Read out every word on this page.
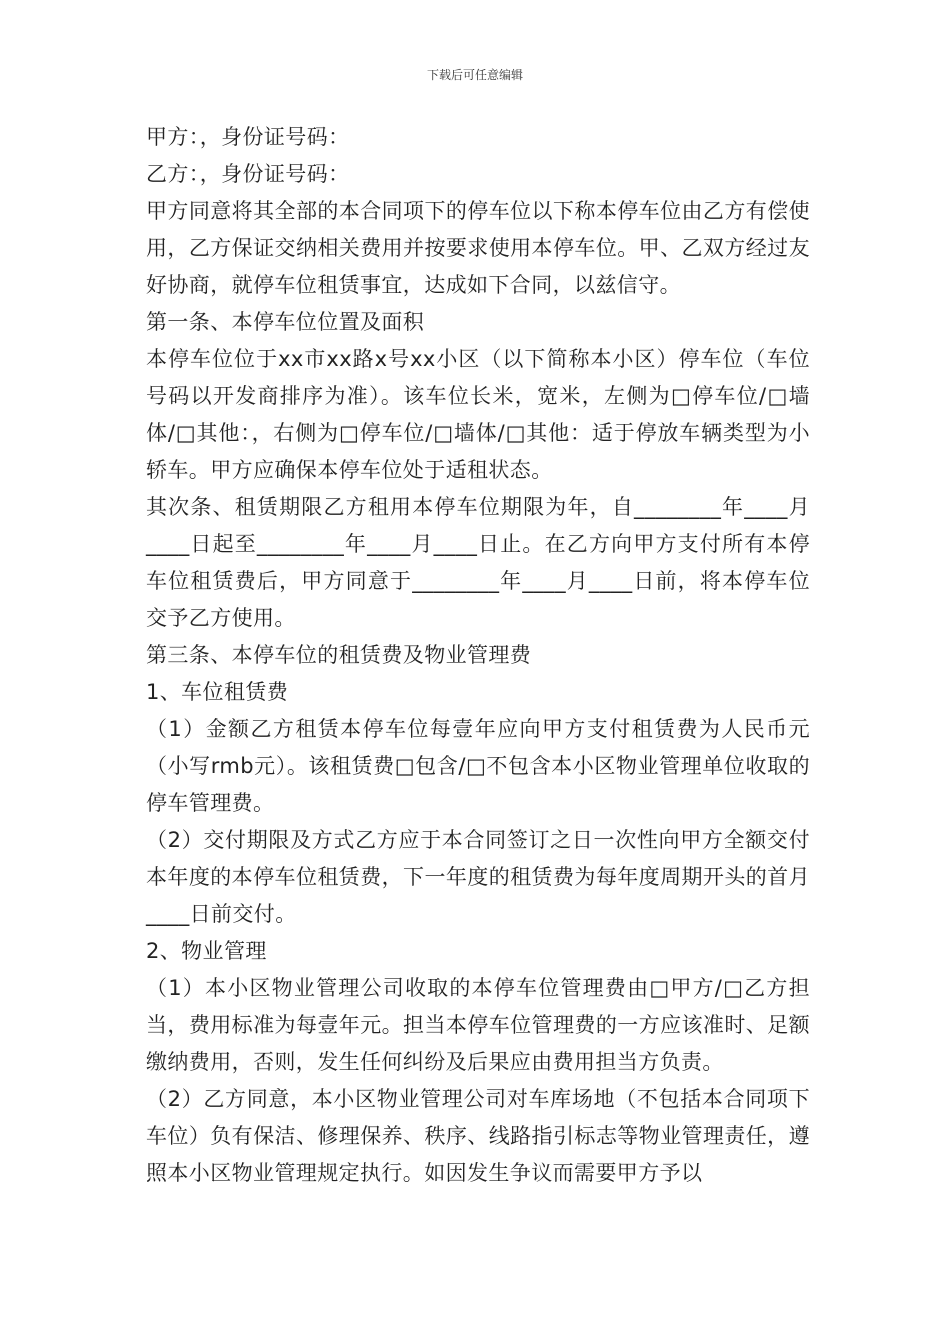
下载后可任意编辑

甲方：，身份证号码：

乙方：，身份证号码：

甲方同意将其全部的本合同项下的停车位以下称本停车位由乙方有偿使用，乙方保证交纳相关费用并按要求使用本停车位。甲、乙双方经过友好协商，就停车位租赁事宜，达成如下合同，以兹信守。

第一条、本停车位位置及面积

本停车位位于xx市xx路x号xx小区（以下简称本小区）停车位（车位号码以开发商排序为准）。该车位长米，宽米，左侧为□停车位/□墙体/□其他：，右侧为□停车位/□墙体/□其他：适于停放车辆类型为小轿车。甲方应确保本停车位处于适租状态。

其次条、租赁期限乙方租用本停车位期限为年，自________年____月____日起至________年____月____日止。在乙方向甲方支付所有本停车位租赁费后，甲方同意于________年____月____日前，将本停车位交予乙方使用。

第三条、本停车位的租赁费及物业管理费

1、车位租赁费

（1）金额乙方租赁本停车位每壹年应向甲方支付租赁费为人民币元（小写rmb元）。该租赁费□包含/□不包含本小区物业管理单位收取的停车管理费。

（2）交付期限及方式乙方应于本合同签订之日一次性向甲方全额交付本年度的本停车位租赁费，下一年度的租赁费为每年度周期开头的首月____日前交付。

2、物业管理

（1）本小区物业管理公司收取的本停车位管理费由□甲方/□乙方担当，费用标准为每壹年元。担当本停车位管理费的一方应该准时、足额缴纳费用，否则，发生任何纠纷及后果应由费用担当方负责。

（2）乙方同意，本小区物业管理公司对车库场地（不包括本合同项下车位）负有保洁、修理保养、秩序、线路指引标志等物业管理责任，遵照本小区物业管理规定执行。如因发生争议而需要甲方予以
